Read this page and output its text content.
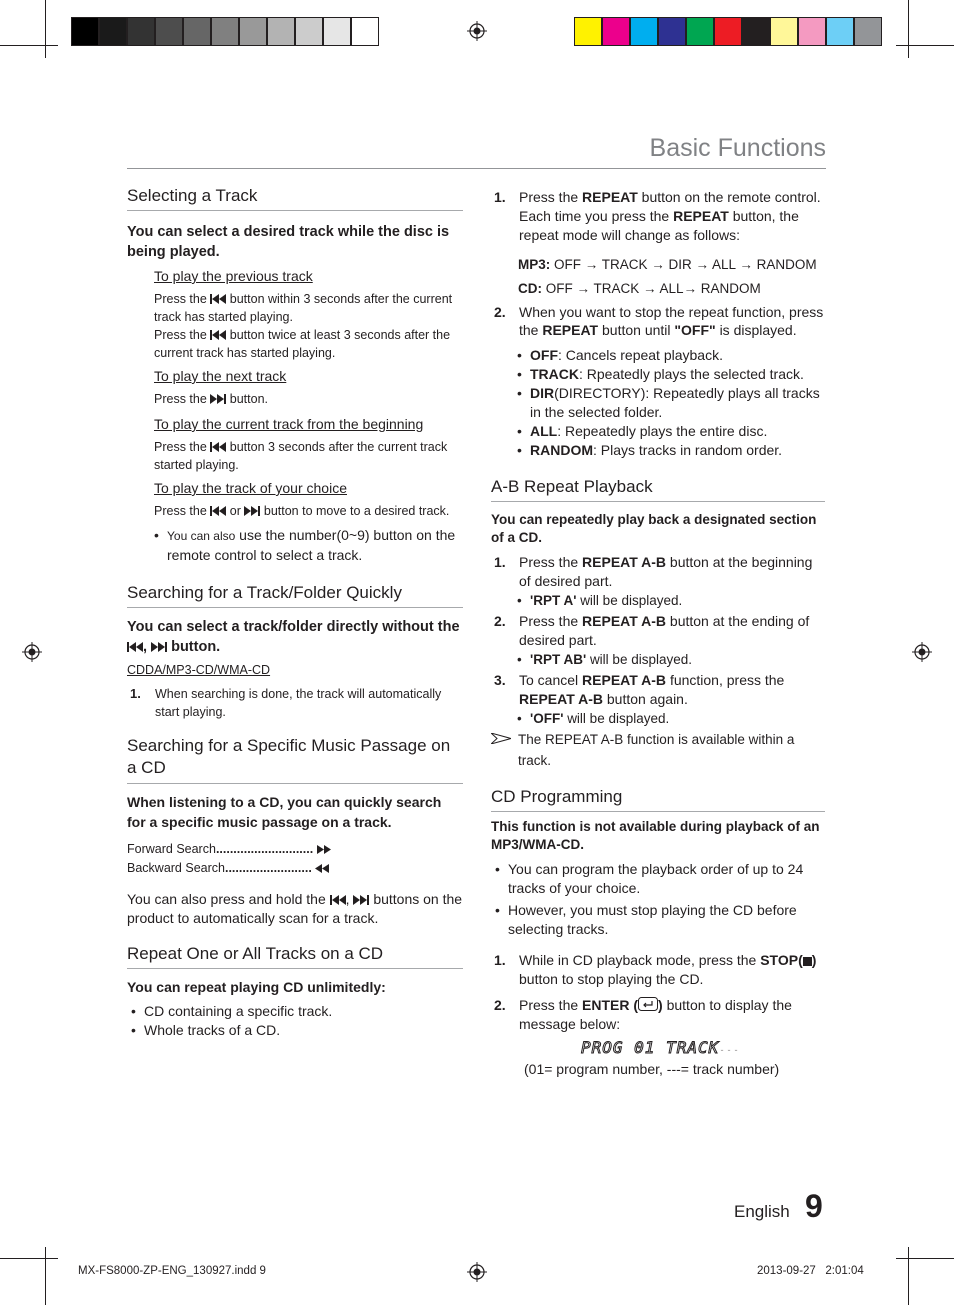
Basic Functions
Selecting a Track

You can select a desired track while the disc is being played.

To play the previous track

Press the button within 3 seconds after the current track has started playing.
Press the button twice at least 3 seconds after the current track has started playing.

To play the next track

Press the button.

To play the current track from the beginning

Press the button 3 seconds after the current track started playing.

To play the track of your choice

Press the or button to move to a desired track.
• You can also use the number(0~9) button on the remote control to select a track.
Searching for a Track/Folder Quickly

You can select a track/folder directly without the ,  button.

CDDA/MP3-CD/WMA-CD
1. When searching is done, the track will automatically start playing.
Searching for a Specific Music Passage on a CD

When listening to a CD, you can quickly search for a specific music passage on a track.

Forward Search............................
Backward Search.........................
You can also press and hold the ,  buttons on the product to automatically scan for a track.
Repeat One or All Tracks on a CD

You can repeat playing CD unlimitedly:

• CD containing a specific track.
• Whole tracks of a CD.
1. Press the REPEAT button on the remote control.
Each time you press the REPEAT button, the repeat mode will change as follows:
MP3: OFF → TRACK → DIR → ALL → RANDOM
CD: OFF → TRACK → ALL→ RANDOM
2. When you want to stop the repeat function, press the REPEAT button until "OFF" is displayed.
• OFF: Cancels repeat playback.
• TRACK: Rpeatedly plays the selected track.
• DIR(DIRECTORY): Repeatedly plays all tracks in the selected folder.
• ALL: Repeatedly plays the entire disc.
• RANDOM: Plays tracks in random order.
A-B Repeat Playback

You can repeatedly play back a designated section of a CD.

1. Press the REPEAT A-B button at the beginning of desired part.
• 'RPT A' will be displayed.
2. Press the REPEAT A-B button at the ending of desired part.
• 'RPT AB' will be displayed.
3. To cancel REPEAT A-B function, press the REPEAT A-B button again.
• 'OFF' will be displayed.
The REPEAT A-B function is available within a track.
CD Programming

This function is not available during playback of an MP3/WMA-CD.

• You can program the playback order of up to 24 tracks of your choice.
• However, you must stop playing the CD before selecting tracks.
1. While in CD playback mode, press the STOP( ) button to stop playing the CD.
2. Press the ENTER ( ) button to display the message below:
PROG 01 TRACK---
(01= program number, ---= track number)
English 9
MX-FS8000-ZP-ENG_130927.indd 9	2013-09-27   2:01:04
